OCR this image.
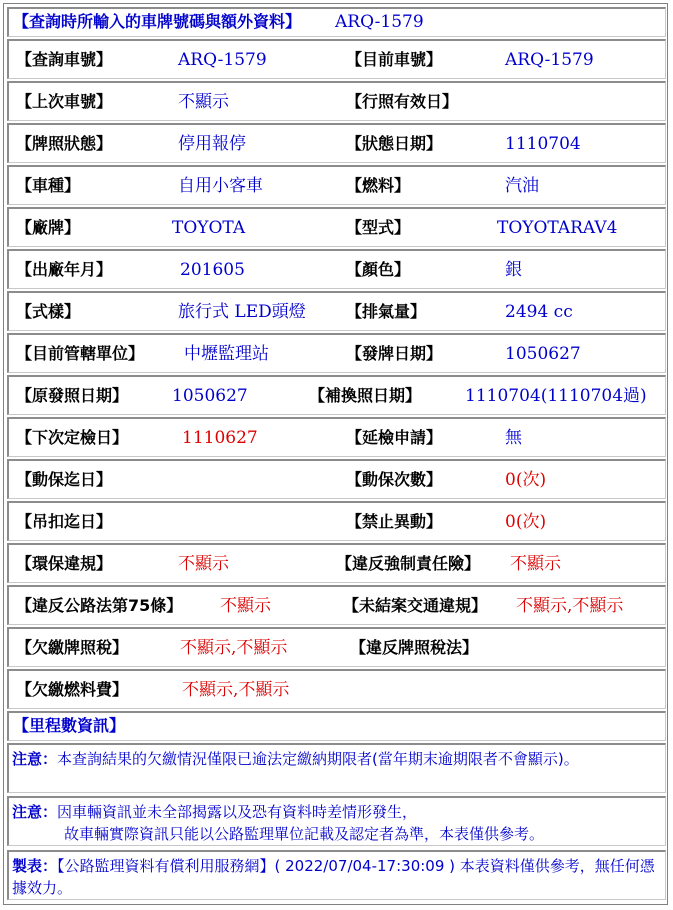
【查詢時所輸入的車牌號碼與額外資料】 ARQ-1579
【查詢車號】	ARQ-1579	【目前車號】	ARQ-1579
【上次車號】	不顯示	【行照有效日】
【牌照狀態】	停用報停	【狀態日期】	1110704
【車種】	自用小客車	【燃料】	汽油
【廠牌】	TOYOTA	【型式】	TOYOTARAV4
【出廠年月】	201605	【顏色】	銀
【式樣】	旅行式 LED頭燈	【排氣量】	2494 cc
【目前管轄單位】 中壢監理站	【發牌日期】	1050627
【原發照日期】	1050627	【補換照日期】	1110704(1110704過)
【下次定檢日】	1110627	【延檢申請】	無
【動保迄日】	【動保次數】	0(次)
【吊扣迄日】	【禁止異動】	0(次)
【環保違規】	不顯示	【違反強制責任險】 不顯示
【違反公路法第75條】 不顯示	【未結案交通違規】 不顯示,不顯示
【欠繳牌照稅】	不顯示,不顯示	【違反牌照稅法】
【欠繳燃料費】	不顯示,不顯示
【里程數資訊】
注意：本查詢結果的欠繳情況僅限已逾法定繳納期限者(當年期末逾期限者不會顯示)。
注意：因車輛資訊並未全部揭露以及恐有資料時差情形發生，
故車輛實際資訊只能以公路監理單位記載及認定者為準，本表僅供參考。
製表：【公路監理資料有償利用服務網】( 2022/07/04-17:30:09 ) 本表資料僅供參考，無任何憑據效力。
